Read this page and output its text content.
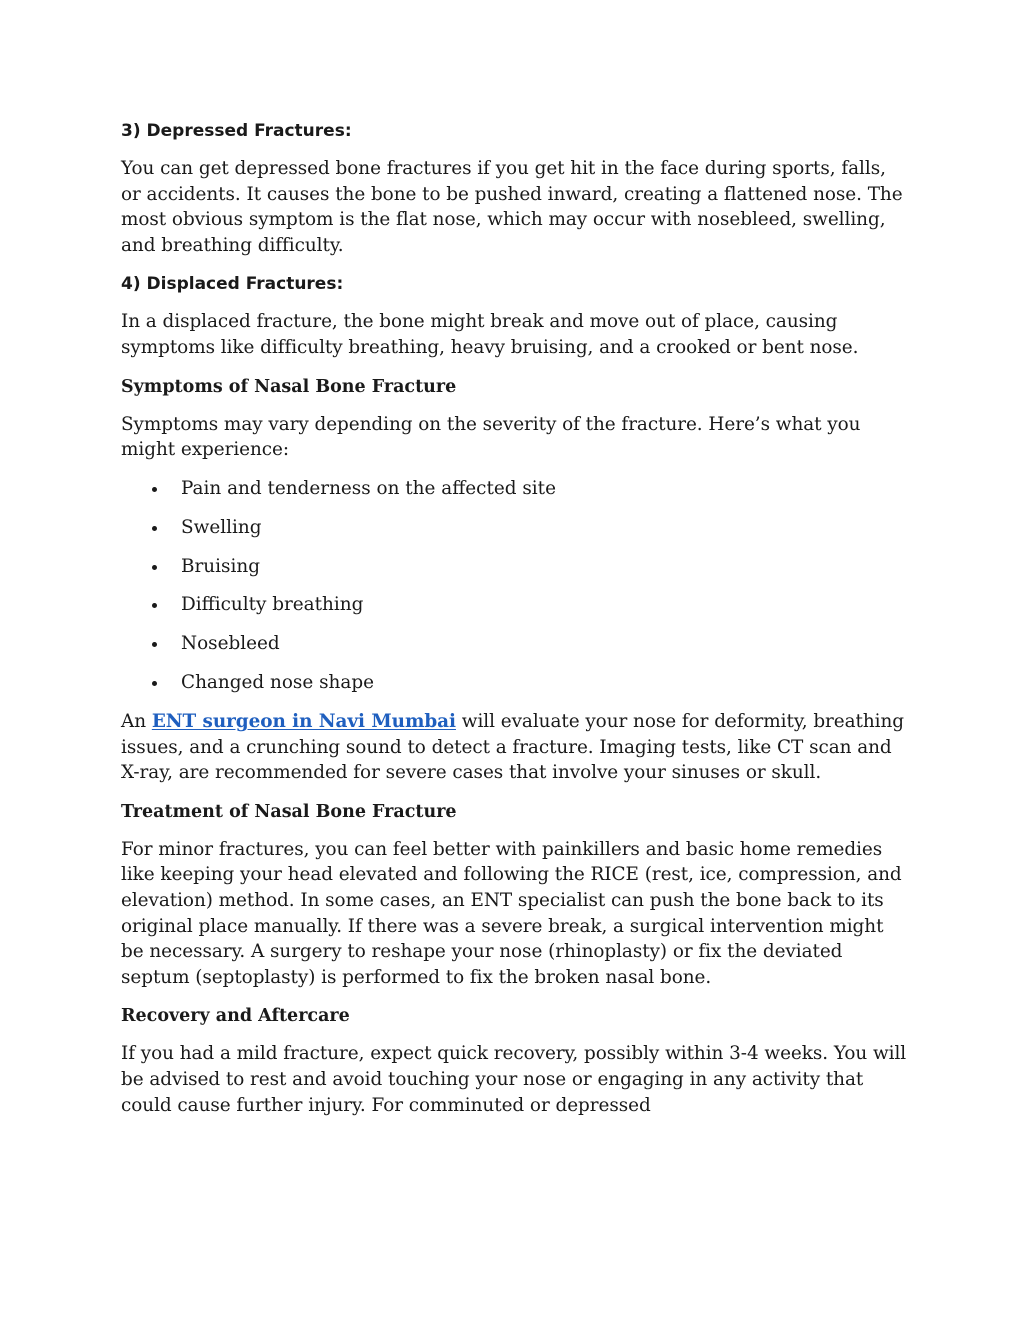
3) Depressed Fractures:

You can get depressed bone fractures if you get hit in the face during sports, falls, or accidents. It causes the bone to be pushed inward, creating a flattened nose. The most obvious symptom is the flat nose, which may occur with nosebleed, swelling, and breathing difficulty.

4) Displaced Fractures:

In a displaced fracture, the bone might break and move out of place, causing symptoms like difficulty breathing, heavy bruising, and a crooked or bent nose.

Symptoms of Nasal Bone Fracture

Symptoms may vary depending on the severity of the fracture. Here’s what you might experience:

Pain and tenderness on the affected site
Swelling
Bruising
Difficulty breathing
Nosebleed
Changed nose shape

An ENT surgeon in Navi Mumbai will evaluate your nose for deformity, breathing issues, and a crunching sound to detect a fracture. Imaging tests, like CT scan and X-ray, are recommended for severe cases that involve your sinuses or skull.

Treatment of Nasal Bone Fracture

For minor fractures, you can feel better with painkillers and basic home remedies like keeping your head elevated and following the RICE (rest, ice, compression, and elevation) method. In some cases, an ENT specialist can push the bone back to its original place manually. If there was a severe break, a surgical intervention might be necessary. A surgery to reshape your nose (rhinoplasty) or fix the deviated septum (septoplasty) is performed to fix the broken nasal bone.

Recovery and Aftercare

If you had a mild fracture, expect quick recovery, possibly within 3-4 weeks. You will be advised to rest and avoid touching your nose or engaging in any activity that could cause further injury. For comminuted or depressed
